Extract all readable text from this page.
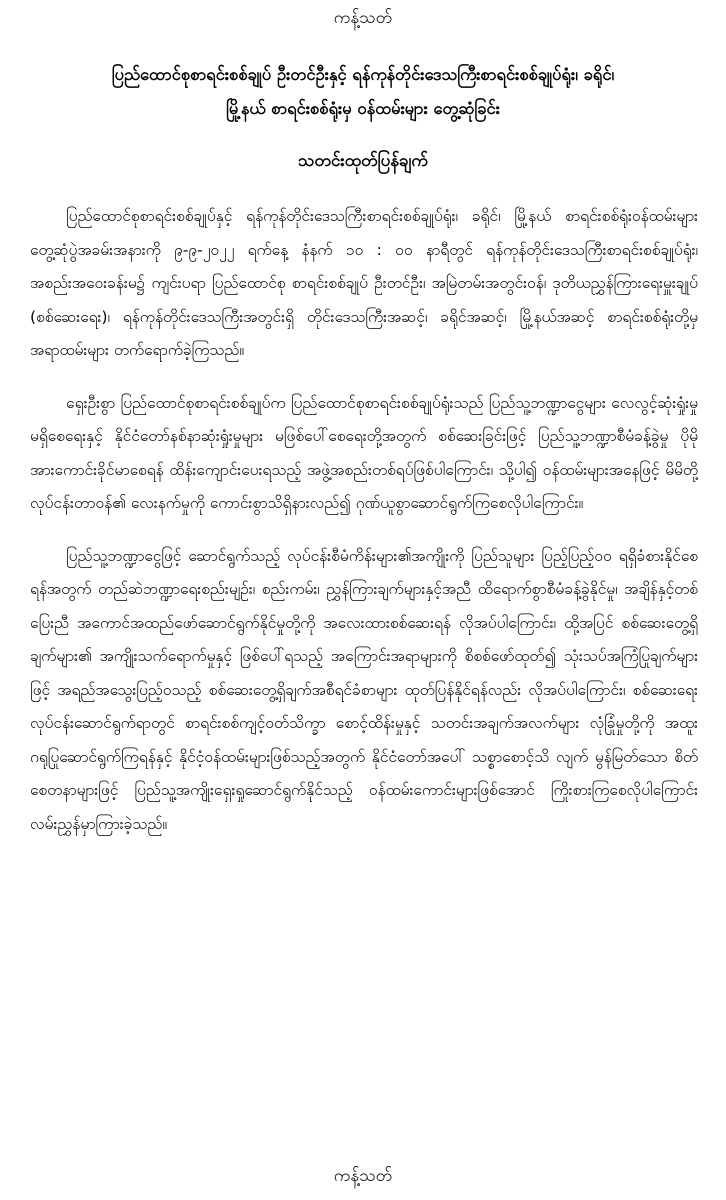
ကန့်သတ်
ပြည်ထောင်စုစာရင်းစစ်ချုပ် ဦးတင်ဦးနှင့် ရန်ကုန်တိုင်းဒေသကြီးစာရင်းစစ်ချုပ်ရုံး၊ ခရိုင်၊
မြို့နယ် စာရင်းစစ်ရုံးမှ ဝန်ထမ်းများ တွေ့ဆုံခြင်း
သတင်းထုတ်ပြန်ချက်

ပြည်ထောင်စုစာရင်းစစ်ချုပ်နှင့် ရန်ကုန်တိုင်းဒေသကြီးစာရင်းစစ်ချုပ်ရုံး၊ ခရိုင်၊ မြို့နယ် စာရင်းစစ်ရုံးဝန်ထမ်းများ တွေ့ဆုံပွဲအခမ်းအနားကို ၉-၉-၂၀၂၂ ရက်နေ့ နံနက် ၁၀ : ၀၀ နာရီတွင် ရန်ကုန်တိုင်းဒေသကြီးစာရင်းစစ်ချုပ်ရုံး၊ အစည်းအဝေးခန်းမ၌ ကျင်းပရာ ပြည်ထောင်စု စာရင်းစစ်ချုပ် ဦးတင်ဦး၊ အမြဲတမ်းအတွင်းဝန်၊ ဒုတိယညွှန်ကြားရေးမှူးချုပ် (စစ်ဆေးရေး)၊ ရန်ကုန်တိုင်းဒေသကြီးအတွင်းရှိ တိုင်းဒေသကြီးအဆင့်၊ ခရိုင်အဆင့်၊ မြို့နယ်အဆင့် စာရင်းစစ်ရုံးတို့မှ အရာထမ်းများ တက်ရောက်ခဲ့ကြသည်။

ရှေးဦးစွာ ပြည်ထောင်စုစာရင်းစစ်ချုပ်က ပြည်ထောင်စုစာရင်းစစ်ချုပ်ရုံးသည် ပြည်သူ့ဘဏ္ဍာငွေများ လေလွင့်ဆုံးရှုံးမှုမရှိစေရေးနှင့် နိုင်ငံတော်နစ်နာဆုံးရှုံးမှုများ မဖြစ်ပေါ်စေရေးတို့အတွက် စစ်ဆေးခြင်းဖြင့် ပြည်သူ့ဘဏ္ဍာစီမံခန့်ခွဲမှု ပိုမိုအားကောင်းခိုင်မာစေရန် ထိန်းကျောင်းပေးရသည့် အဖွဲ့အစည်းတစ်ရပ်ဖြစ်ပါကြောင်း၊ သို့ပါ၍ ဝန်ထမ်းများအနေဖြင့် မိမိတို့လုပ်ငန်းတာဝန်၏ လေးနက်မှုကို ကောင်းစွာသိရှိနားလည်၍ ဂုဏ်ယူစွာဆောင်ရွက်ကြစေလိုပါကြောင်း။

ပြည်သူ့ဘဏ္ဍာငွေဖြင့် ဆောင်ရွက်သည့် လုပ်ငန်းစီမံကိန်းများ၏အကျိုးကို ပြည်သူများ ပြည့်ပြည့်ဝဝ ရရှိခံစားနိုင်စေရန်အတွက် တည်ဆဲဘဏ္ဍာရေးစည်းမျဉ်း၊ စည်းကမ်း၊ ညွှန်ကြားချက်များနှင့်အညီ ထိရောက်စွာစီမံခန့်ခွဲနိုင်မှု၊ အချိန်နှင့်တစ်ပြေးညီ အကောင်အထည်ဖော်ဆောင်ရွက်နိုင်မှုတို့ကို အလေးထားစစ်ဆေးရန် လိုအပ်ပါကြောင်း၊ ထို့အပြင် စစ်ဆေးတွေ့ရှိချက်များ၏ အကျိုးသက်ရောက်မှုနှင့် ဖြစ်ပေါ်ရသည့် အကြောင်းအရာများကို စိစစ်ဖော်ထုတ်၍ သုံးသပ်အကြံပြုချက်များဖြင့် အရည်အသွေးပြည့်ဝသည့် စစ်ဆေးတွေ့ရှိချက်အစီရင်ခံစာများ ထုတ်ပြန်နိုင်ရန်လည်း လိုအပ်ပါကြောင်း၊ စစ်ဆေးရေးလုပ်ငန်းဆောင်ရွက်ရာတွင် စာရင်းစစ်ကျင့်ဝတ်သိက္ခာ စောင့်ထိန်းမှုနှင့် သတင်းအချက်အလက်များ လုံခြုံမှုတို့ကို အထူးဂရုပြုဆောင်ရွက်ကြရန်နှင့် နိုင်ငံ့ဝန်ထမ်းများဖြစ်သည့်အတွက် နိုင်ငံတော်အပေါ် သစ္စာစောင့်သိ လျက် မွန်မြတ်သော စိတ်စေတနာများဖြင့် ပြည်သူ့အကျိုးရှေးရှုဆောင်ရွက်နိုင်သည့် ဝန်ထမ်းကောင်းများဖြစ်အောင် ကြိုးစားကြစေလိုပါကြောင်း လမ်းညွှန်မှာကြားခဲ့သည်။

ကန့်သတ်
